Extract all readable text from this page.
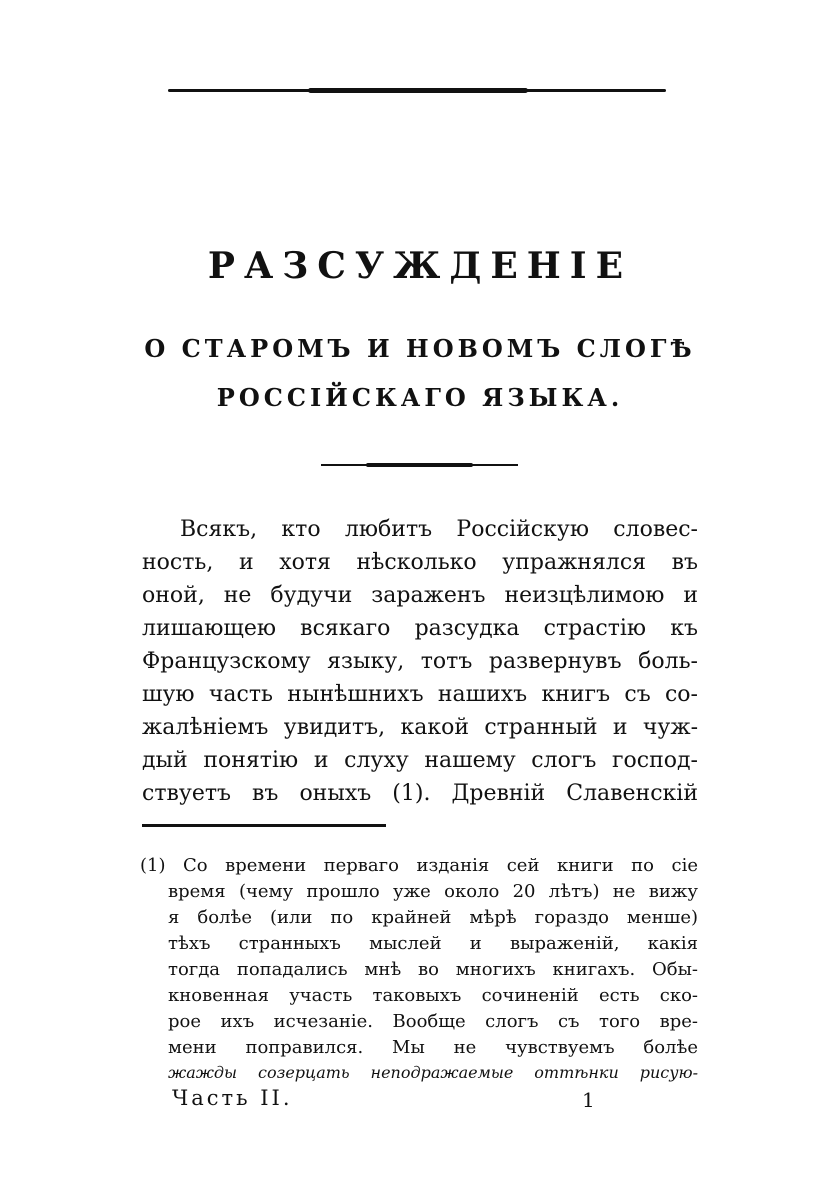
РАЗСУЖДЕНІЕ
О СТАРОМЪ И НОВОМЪ СЛОГѢ
РОССІЙСКАГО ЯЗЫКА.
Всякъ, кто любитъ Россійскую словес-
ность, и хотя нѣсколько упражнялся въ
оной, не будучи зараженъ неизцѣлимою и
лишающею всякаго разсудка страстію къ
Французскому языку, тотъ развернувъ боль-
шую часть нынѣшнихъ нашихъ книгъ съ со-
жалѣніемъ увидитъ, какой странный и чуж-
дый понятію и слуху нашему слогъ господ-
ствуетъ въ оныхъ (1). Древній Славенскій
(1) Со времени перваго изданія сей книги по сіе
время (чему прошло уже около 20 лѣтъ) не вижу
я болѣе (или по крайней мѣрѣ гораздо менше)
тѣхъ странныхъ мыслей и выраженій, какія
тогда попадались мнѣ во многихъ книгахъ. Обы-
кновенная участь таковыхъ сочиненій есть ско-
рое ихъ исчезаніе. Вообще слогъ съ того вре-
мени поправился. Мы не чувствуемъ болѣе
жажды созерцать неподражаемые оттѣнки рисую-
Часть II.	1
